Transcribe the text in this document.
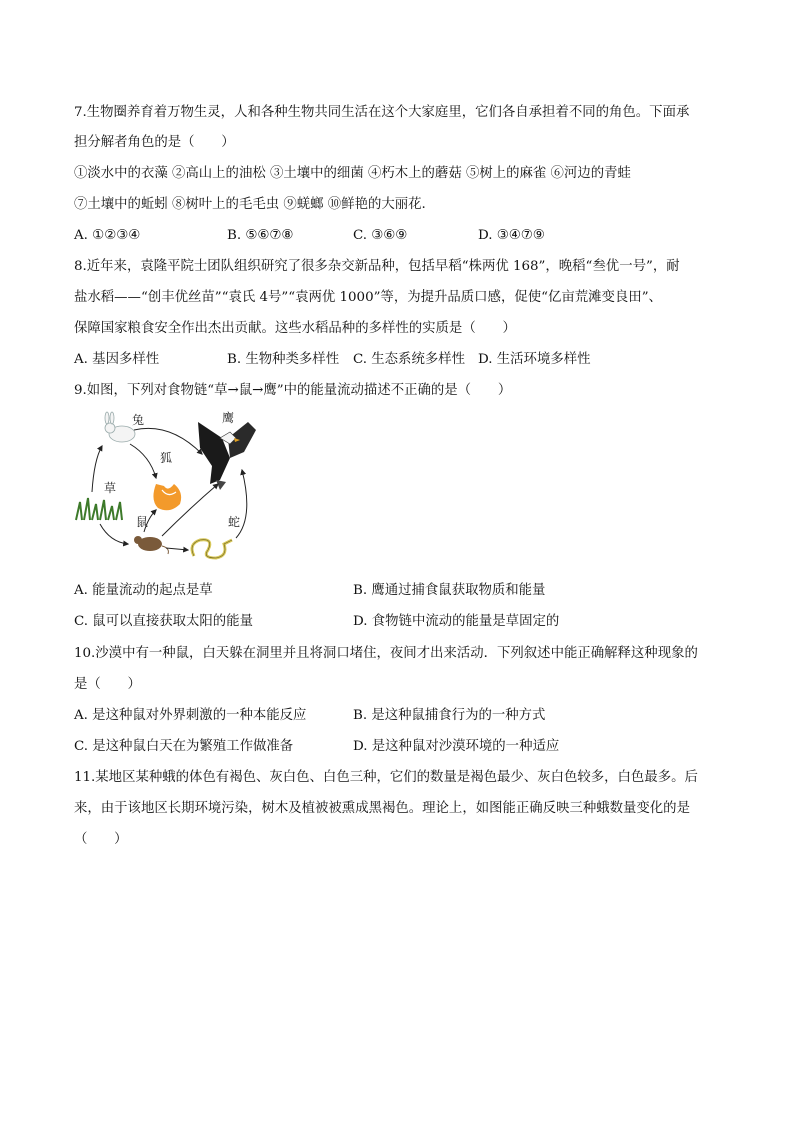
7.生物圈养育着万物生灵，人和各种生物共同生活在这个大家庭里，它们各自承担着不同的角色。下面承
担分解者角色的是（　　）
①淡水中的衣藻 ②高山上的油松 ③土壤中的细菌 ④朽木上的蘑菇 ⑤树上的麻雀 ⑥河边的青蛙
⑦土壤中的蚯蚓 ⑧树叶上的毛毛虫 ⑨蜣螂 ⑩鲜艳的大丽花.
A. ①②③④	B. ⑤⑥⑦⑧	C. ③⑥⑨	D. ③④⑦⑨
8.近年来，袁隆平院士团队组织研究了很多杂交新品种，包括早稻“株两优 168”，晚稻“叁优一号”，耐
盐水稻——“创丰优丝苗”“袁氏 4号”“袁两优 1000”等，为提升品质口感，促使“亿亩荒滩变良田”、
保障国家粮食安全作出杰出贡献。这些水稻品种的多样性的实质是（　　）
A. 基因多样性	B. 生物种类多样性 C. 生态系统多样性 D. 生活环境多样性
9.如图，下列对食物链“草→鼠→鹰”中的能量流动描述不正确的是（　　）
兔	鹰
狐
草
鼠	蛇
A. 能量流动的起点是草	B. 鹰通过捕食鼠获取物质和能量
C. 鼠可以直接获取太阳的能量	D. 食物链中流动的能量是草固定的
10.沙漠中有一种鼠，白天躲在洞里并且将洞口堵住，夜间才出来活动．下列叙述中能正确解释这种现象的
是（　　）
A. 是这种鼠对外界刺激的一种本能反应	B. 是这种鼠捕食行为的一种方式
C. 是这种鼠白天在为繁殖工作做准备	D. 是这种鼠对沙漠环境的一种适应
11.某地区某种蛾的体色有褐色、灰白色、白色三种，它们的数量是褐色最少、灰白色较多，白色最多。后
来，由于该地区长期环境污染，树木及植被被熏成黑褐色。理论上，如图能正确反映三种蛾数量变化的是
（　　）
